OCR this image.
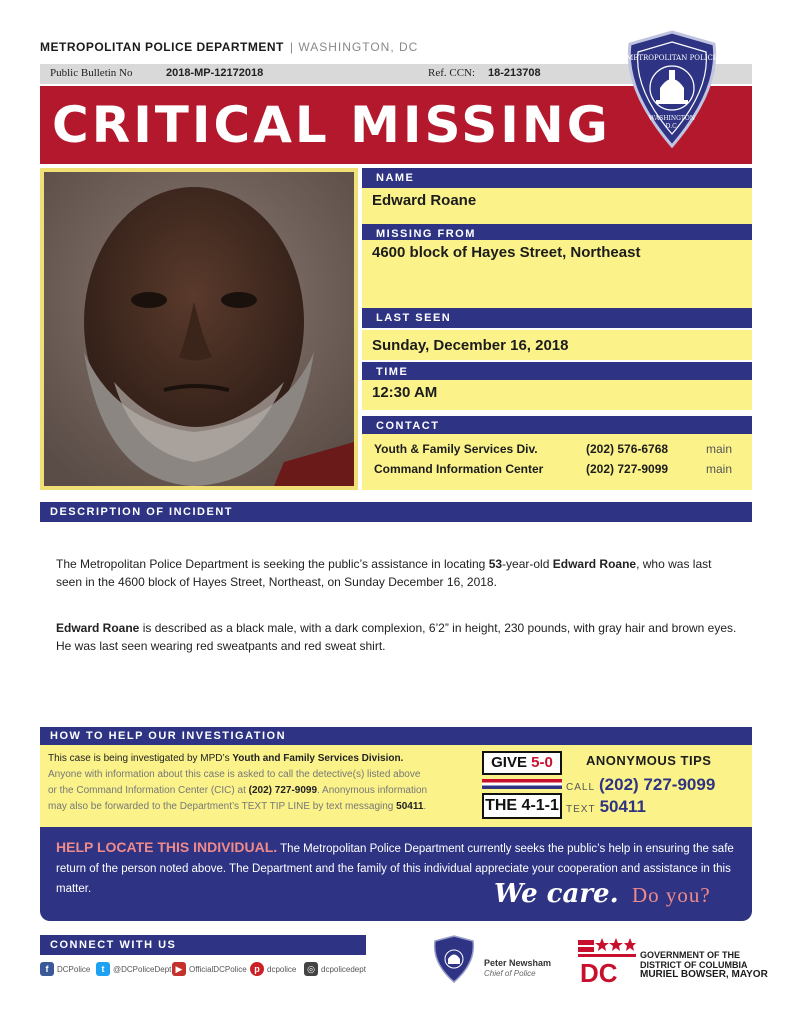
METROPOLITAN POLICE DEPARTMENT | WASHINGTON, DC
Public Bulletin No	2018-MP-12172018	Ref. CCN: 18-213708
CRITICAL MISSING
METROPOLITAN POLICE
WASHINGTON
D.C.
NAME
Edward Roane
MISSING FROM
4600 block of Hayes Street, Northeast
LAST SEEN
Sunday, December 16, 2018
TIME
12:30 AM
CONTACT
Youth & Family Services Div.	(202) 576-6768	main
Command Information Center	(202) 727-9099	main
DESCRIPTION OF INCIDENT

The Metropolitan Police Department is seeking the public’s assistance in locating 53-year-old Edward Roane, who was last seen in the 4600 block of Hayes Street, Northeast, on Sunday December 16, 2018.

Edward Roane is described as a black male, with a dark complexion, 6’2” in height, 230 pounds, with gray hair and brown eyes. He was last seen wearing red sweatpants and red sweat shirt.

HOW TO HELP OUR INVESTIGATION
This case is being investigated by MPD’s Youth and Family Services Division.
Anyone with information about this case is asked to call the detective(s) listed above
or the Command Information Center (CIC) at (202) 727-9099. Anonymous information
may also be forwarded to the Department’s TEXT TIP LINE by text messaging 50411.
GIVE 5-0
THE 4-1-1
ANONYMOUS TIPS
CALL (202) 727-9099
TEXT 50411

HELP LOCATE THIS INDIVIDUAL. The Metropolitan Police Department currently seeks the public’s help in ensuring the safe return of the person noted above. The Department and the family of this individual appreciate your cooperation and assistance in this matter.	We care. Do you?
CONNECT WITH US
f	DCPolice	t	@DCPoliceDept ▶ OfficialDCPolice p dcpolice	◎ dcpolicedept
Peter Newsham
Chief of Police DC
GOVERNMENT OF THE
DISTRICT OF COLUMBIA
MURIEL BOWSER, MAYOR
